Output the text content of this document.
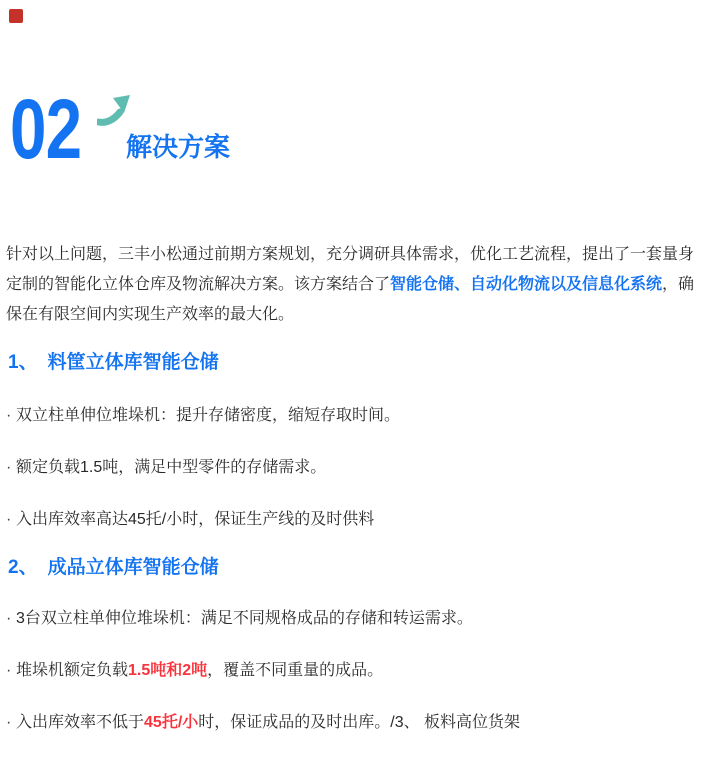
02 解决方案
针对以上问题，三丰小松通过前期方案规划，充分调研具体需求，优化工艺流程，提出了一套量身
定制的智能化立体仓库及物流解决方案。该方案结合了智能仓储、自动化物流以及信息化系统，确
保在有限空间内实现生产效率的最大化。
1、 料筐立体库智能仓储
· 双立柱单伸位堆垛机：提升存储密度，缩短存取时间。
· 额定负载1.5吨，满足中型零件的存储需求。
· 入出库效率高达45托/小时，保证生产线的及时供料
2、 成品立体库智能仓储
· 3台双立柱单伸位堆垛机：满足不同规格成品的存储和转运需求。
· 堆垛机额定负载1.5吨和2吨，覆盖不同重量的成品。
· 入出库效率不低于45托/小时，保证成品的及时出库。/3、 板料高位货架
